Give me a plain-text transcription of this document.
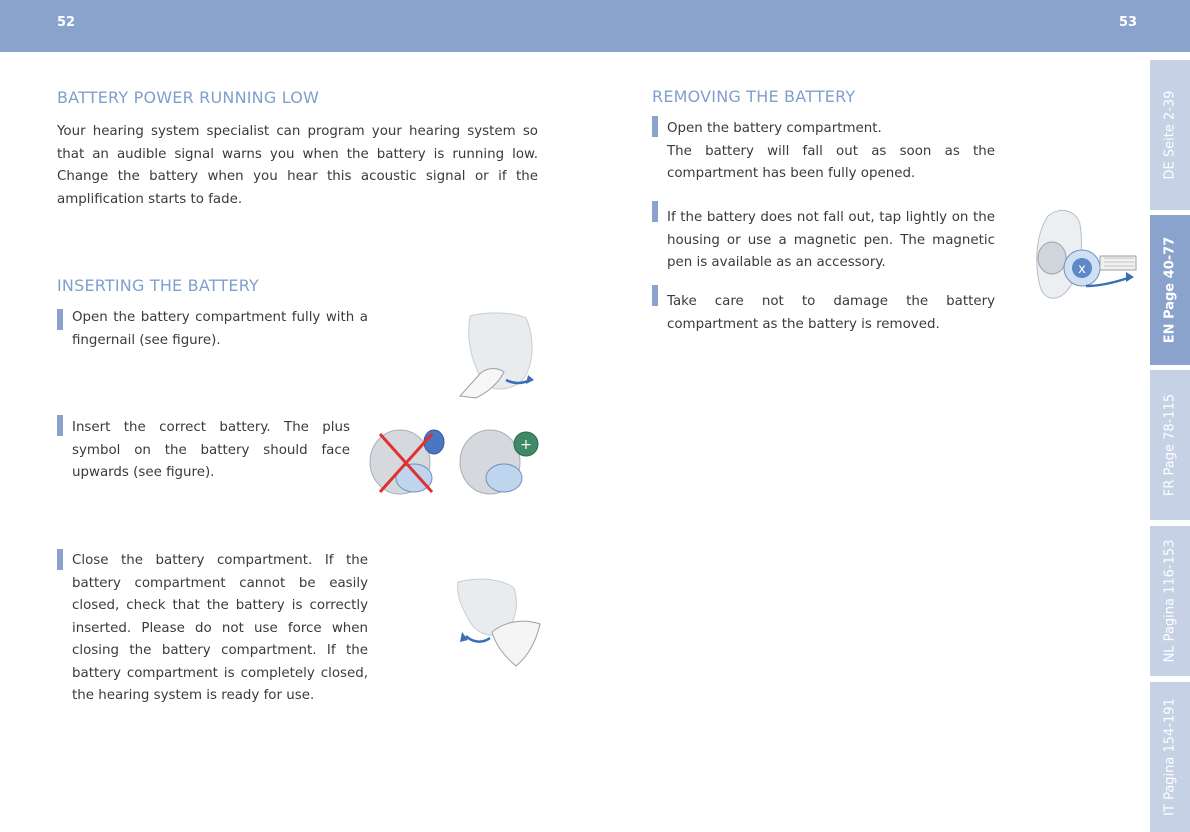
52	53
BATTERY POWER RUNNING LOW
Your hearing system specialist can program your hearing system so that an audible signal warns you when the battery is running low. Change the battery when you hear this acoustic signal or if the amplification starts to fade.
INSERTING THE BATTERY
Open the battery compartment fully with a fingernail (see figure).
Insert the correct battery. The plus symbol on the battery should face upwards (see figure).
Close the battery compartment. If the battery compartment cannot be easily closed, check that the battery is correctly inserted. Please do not use force when closing the battery compartment. If the battery compartment is completely closed, the hearing system is ready for use.
+
REMOVING THE BATTERY
Open the battery compartment.
The battery will fall out as soon as the compartment has been fully opened.
If the battery does not fall out, tap lightly on the housing or use a magnetic pen. The magnetic pen is available as an accessory.
Take care not to damage the battery compartment as the battery is removed.
x
DE Seite 2-39
EN Page 40-77
FR Page 78-115
NL Pagina 116-153
IT Pagina 154-191
